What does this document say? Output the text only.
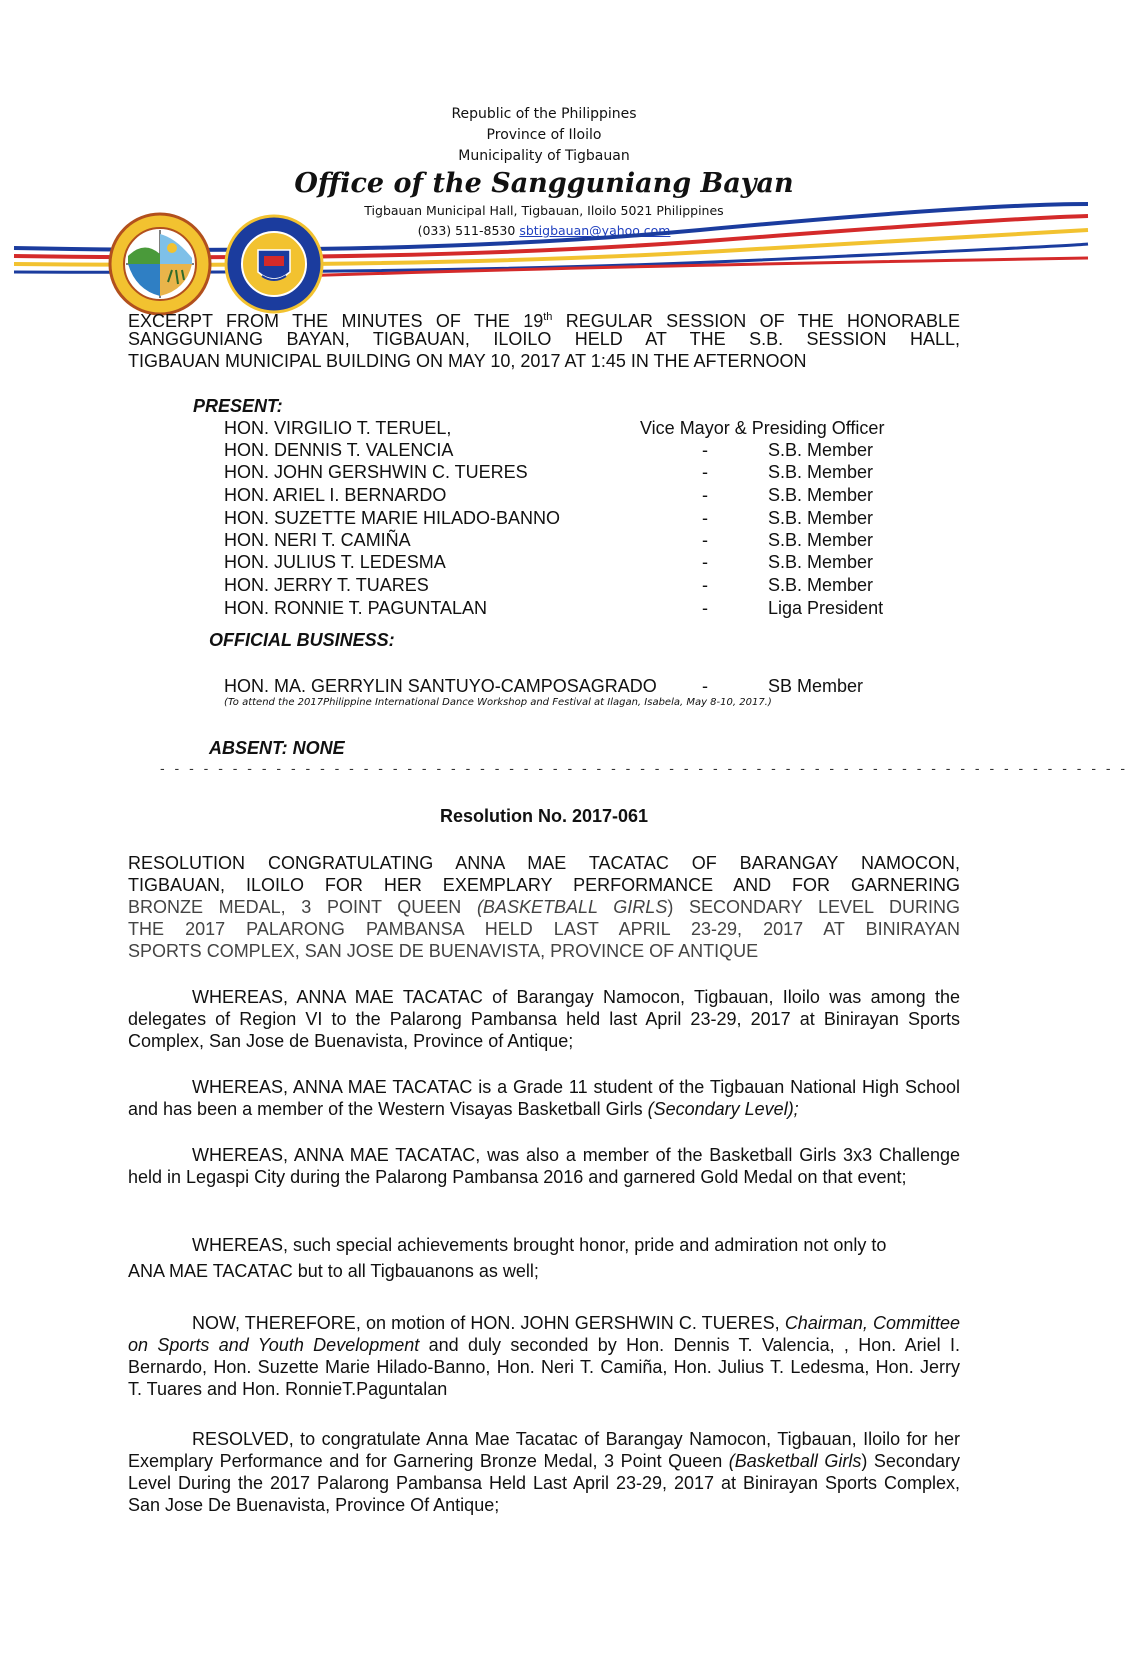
Republic of the Philippines
Province of Iloilo
Municipality of Tigbauan
Office of the Sangguniang Bayan
Tigbauan Municipal Hall, Tigbauan, Iloilo 5021 Philippines
(033) 511-8530 sbtigbauan@yahoo.com
EXCERPT FROM THE MINUTES OF THE 19th REGULAR SESSION OF THE HONORABLE
SANGGUNIANG BAYAN, TIGBAUAN, ILOILO HELD AT THE S.B. SESSION HALL,
TIGBAUAN MUNICIPAL BUILDING ON MAY 10, 2017 AT 1:45 IN THE AFTERNOON
PRESENT:
HON. VIRGILIO T. TERUEL,	Vice Mayor & Presiding Officer
HON. DENNIS T. VALENCIA	-	S.B. Member
HON. JOHN GERSHWIN C. TUERES	-	S.B. Member
HON. ARIEL I. BERNARDO	-	S.B. Member
HON. SUZETTE MARIE HILADO-BANNO	-	S.B. Member
HON. NERI T. CAMIÑA	-	S.B. Member
HON. JULIUS T. LEDESMA	-	S.B. Member
HON. JERRY T. TUARES	-	S.B. Member
HON. RONNIE T. PAGUNTALAN	-	Liga President
OFFICIAL BUSINESS:
HON. MA. GERRYLIN SANTUYO-CAMPOSAGRADO	-	SB Member
(To attend the 2017Philippine International Dance Workshop and Festival at Ilagan, Isabela, May 8-10, 2017.)
ABSENT: NONE
- - - - - - - - - - - - - - - - - - - - - - - - - - - - - - - - - - - - - - - - - - - - - - - - - - - - - - - - - - - - - - - - - - -
Resolution No. 2017-061
RESOLUTION CONGRATULATING ANNA MAE TACATAC OF BARANGAY NAMOCON,
TIGBAUAN, ILOILO FOR HER EXEMPLARY PERFORMANCE AND FOR GARNERING
BRONZE MEDAL, 3 POINT QUEEN (BASKETBALL GIRLS) SECONDARY LEVEL DURING
THE 2017 PALARONG PAMBANSA HELD LAST APRIL 23-29, 2017 AT BINIRAYAN
SPORTS COMPLEX, SAN JOSE DE BUENAVISTA, PROVINCE OF ANTIQUE
WHEREAS, ANNA MAE TACATAC of Barangay Namocon, Tigbauan, Iloilo was among the delegates of Region VI to the Palarong Pambansa held last April 23-29, 2017 at Binirayan Sports Complex, San Jose de Buenavista, Province of Antique;
WHEREAS, ANNA MAE TACATAC is a Grade 11 student of the Tigbauan National High School and has been a member of the Western Visayas Basketball Girls (Secondary Level);
WHEREAS, ANNA MAE TACATAC, was also a member of the Basketball Girls 3x3 Challenge held in Legaspi City during the Palarong Pambansa 2016 and garnered Gold Medal on that event;
WHEREAS, such special achievements brought honor, pride and admiration not only to
ANA MAE TACATAC but to all Tigbauanons as well;
NOW, THEREFORE, on motion of HON. JOHN GERSHWIN C. TUERES, Chairman, Committee on Sports and Youth Development and duly seconded by Hon. Dennis T. Valencia, , Hon. Ariel I. Bernardo, Hon. Suzette Marie Hilado-Banno, Hon. Neri T. Camiña, Hon. Julius T. Ledesma, Hon. Jerry T. Tuares and Hon. RonnieT.Paguntalan
RESOLVED, to congratulate Anna Mae Tacatac of Barangay Namocon, Tigbauan, Iloilo for her Exemplary Performance and for Garnering Bronze Medal, 3 Point Queen (Basketball Girls) Secondary Level During the 2017 Palarong Pambansa Held Last April 23-29, 2017 at Binirayan Sports Complex, San Jose De Buenavista, Province Of Antique;
